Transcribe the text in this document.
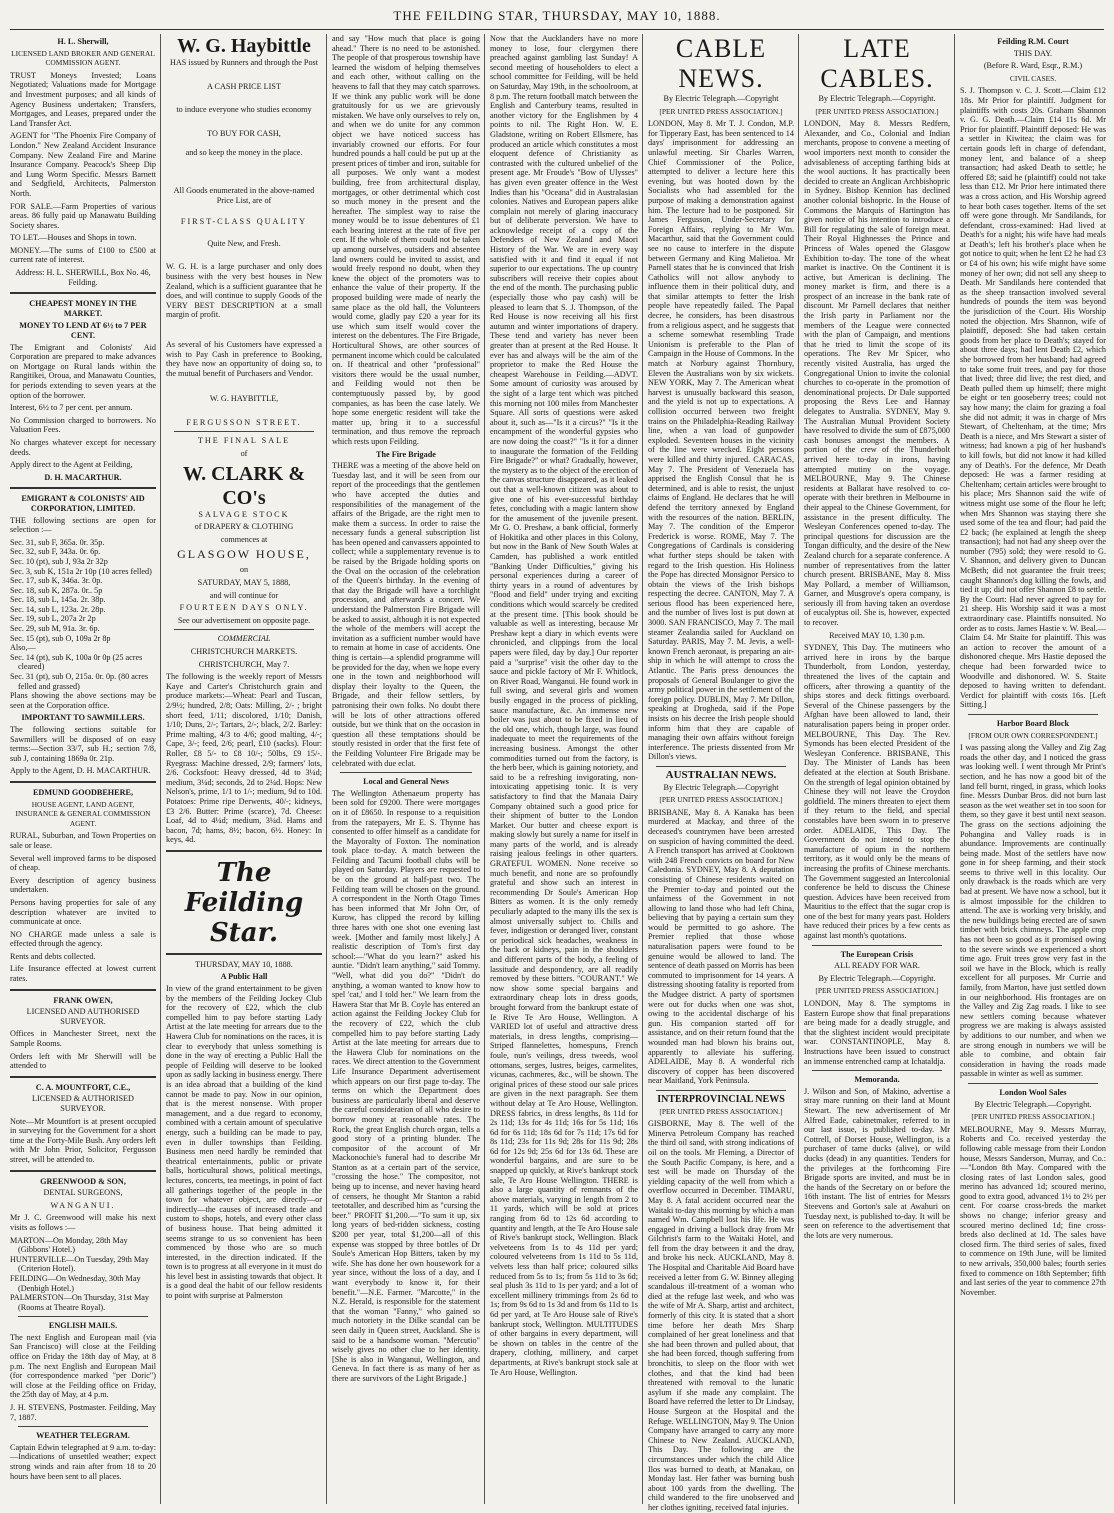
THE FEILDING STAR, THURSDAY, MAY 10, 1888.
H. L. Sherwill,

LICENSED LAND BROKER AND GENERAL COMMISSION AGENT.

TRUST Moneys Invested; Loans Negotiated; Valuations made for Mortgage and Investment purposes; and all kinds of Agency Business undertaken; Transfers, Mortgages, and Leases, prepared under the Land Transfer Act.

AGENT for "The Phoenix Fire Company of London." New Zealand Accident Insurance Company. New Zealand Fire and Marine Insurance Company. Peacock's Sheep Dip and Lung Worm Specific. Messrs Barnett and Sedgfield, Architects, Palmerston North.

FOR SALE.—Farm Properties of various areas. 86 fully paid up Manawatu Building Society shares.

TO LET.—Houses and Shops in town.

MONEY.—The sums of £100 to £500 at current rate of interest.

Address: H. L. SHERWILL, Box No. 46, Feilding.

CHEAPEST MONEY IN THE MARKET.
MONEY TO LEND AT 6½ to 7 PER CENT.

The Emigrant and Colonists' Aid Corporation are prepared to make advances on Mortgage on Rural lands within the Rangitikei, Oroua, and Manawatu Counties, for periods extending to seven years at the option of the borrower.

Interest, 6½ to 7 per cent. per annum.

No Commission charged to borrowers. No Valuation Fees.

No charges whatever except for necessary deeds.

Apply direct to the Agent at Feilding,

D. H. MACARTHUR.

EMIGRANT & COLONISTS' AID CORPORATION, LIMITED.

THE following sections are open for selection :—

Sec. 31, sub F, 365a. 0r. 35p.
Sec. 32, sub F, 343a. 0r. 6p.
Sec. 10 (pt), sub J, 93a 2r 32p
Sec. 3, sub K, 151a 2r 10p (10 acres felled)
Sec. 17, sub K, 346a. 3r. 0p.
Sec. 18, sub K, 287a. 0r.. 5p
Sec. 18, sub L, 145a. 2r. 38p.
Sec. 14, sub L, 123a. 2r. 28p.
Sec. 19, sub L, 207a 2r 2p
Sec. 29, sub M, 91a. 3r. 6p.
Sec. 15 (pt), sub O, 109a 2r 8p
Also,—
Sec. 14 (pt), sub K, 100a 0r 0p (25 acres cleared)
Sec. 31 (pt), sub O, 215a. 0r. 0p. (80 acres felled and grassed)

Plans showing the above sections may be seen at the Corporation office.

IMPORTANT TO SAWMILLERS.

The following sections suitable for Sawmillers will be disposed of on easy terms:—Section 33/7, sub H.; section 7/8, sub J, containing 1869a 0r. 21p.

Apply to the Agent, D. H. MACARTHUR.

EDMUND GOODBEHERE,

HOUSE AGENT, LAND AGENT, INSURANCE & GENERAL COMMISSION AGENT.

RURAL, Suburban, and Town Properties on sale or lease.

Several well improved farms to be disposed of cheap.

Every description of agency business undertaken.

Persons having properties for sale of any description whatever are invited to communicate at once.

NO CHARGE made unless a sale is effected through the agency.

Rents and debts collected.

Life Insurance effected at lowest current rates.

FRANK OWEN,

LICENSED AND AUTHORISED SURVEYOR.

Offices in Manchester Street, next the Sample Rooms.

Orders left with Mr Sherwill will be attended to

C. A. MOUNTFORT, C.E.,

LICENSED & AUTHORISED SURVEYOR.

Note—Mr Mountfort is at present occupied in surveying for the Government for a short time at the Forty-Mile Bush. Any orders left with Mr John Prior, Solicitor, Fergusson street, will be attended to.

GREENWOOD & SON,

DENTAL SURGEONS,

WANGANUI.

Mr J. C. Greenwood will make his next visits as follows :—

MARTON—On Monday, 28th May (Gibbons' Hotel.)
HUNTERVILLE—On Tuesday, 29th May (Criterion Hotel).
FEILDING—On Wednesday, 30th May (Denbigh Hotel.)
PALMERSTON—On Thursday, 31st May (Rooms at Theatre Royal).
ENGLISH MAILS.

The next English and European mail (via San Francisco) will close at the Feilding office on Friday the 18th day of May, at 8 p.m. The next English and European Mail (for correspondence marked "per Doric") will close at the Feilding office on Friday, the 25th day of May, at 4 p.m.

J. H. STEVENS, Postmaster. Feilding, May 7, 1887.

WEATHER TELEGRAM.

Captain Edwin telegraphed at 9 a.m. to-day:—Indications of unsettled weather; expect strong winds and rain after from 18 to 20 hours have been sent to all places.

W. G. Haybittle

HAS issued by Runners and through the Post

A CASH PRICE LIST

to induce everyone who studies economy

TO BUY FOR CASH,

and so keep the money in the place.

All Goods enumerated in the above-named Price List, are of

FIRST-CLASS QUALITY

Quite New, and Fresh.

W. G. H. is a large purchaser and only does business with the very best houses in New Zealand, which is a sufficient guarantee that he does, and will continue to supply Goods of the VERY BEST DESCRIPTION at a small margin of profit.

As several of his Customers have expressed a wish to Pay Cash in preference to Booking, they have now an opportunity of doing so, to the mutual benefit of Purchasers and Vendor.

W. G. HAYBITTLE,

FERGUSSON STREET.

THE FINAL SALE

of

W. CLARK & CO's

SALVAGE STOCK

of DRAPERY & CLOTHING

commences at

GLASGOW HOUSE,

on

SATURDAY, MAY 5, 1888,

and will continue for

FOURTEEN DAYS ONLY.

See our advertisement on opposite page.

COMMERCIAL

CHRISTCHURCH MARKETS.

CHRISTCHURCH, May 7.

The following is the weekly report of Messrs Kaye and Carter's Christchurch grain and produce markets:—Wheat: Pearl and Tuscan, 2/9½; hundred, 2/8; Oats: Milling, 2/- ; bright short feed, 1/11; discolored, 1/10; Danish, 1/10; Duns, 2/-; Tartars, 2/-; black, 2/2. Barley: Prime malting, 4/3 to 4/6; good malting, 4/-; Cape, 3/-; feed, 2/6; pearl, £10 (sacks). Flour: Roller, £8 5/- to £8 10/-; 50lbs, £9 15/-. Ryegrass: Machine dressed, 2/9; farmers' lots, 2/6. Cocksfoot: Heavy dressed, 4d to 3¼d; medium, 3¼d; seconds, 2d to 2¼d. Hops: New Nelson's, prime, 1/1 to 1/-; medium, 9d to 10d. Potatoes: Prime ripe Derwents, 40/-; kidneys, £3 2/6. Butter: Prime (scarce), 7d. Cheese: Loaf, 4d to 4¼d; medium, 3¼d. Hams and bacon, 7d; hams, 8½; bacon, 6½. Honey: In keys, 4d.

The Feilding Star.

THURSDAY, MAY 10, 1888.

A Public Hall

In view of the grand entertainment to be given by the members of the Feilding Jockey Club for the recovery of £22, which the club compelled him to pay before starting Lady Artist at the late meeting for arrears due to the Hawera Club for nominations on the races, it is clear to everybody that unless something is done in the way of erecting a Public Hall the people of Feilding will deserve to be looked upon as sadly lacking in business energy. There is an idea abroad that a building of the kind cannot be made to pay. Now in our opinion, that is the merest nonsense. With proper management, and a due regard to economy, combined with a certain amount of speculative energy, such a building can be made to pay, even in duller townships than Feilding. Business men need hardly be reminded that theatrical entertainments, public or private balls, horticultural shows, political meetings, lectures, concerts, tea meetings, in point of fact all gatherings together of the people in the town for whatever object, are directly—or indirectly—the causes of increased trade and custom to shops, hotels, and every other class of business house. That being admitted it seems strange to us so convenient has been commenced by those who are so much interested, in the direction indicated. If the town is to progress at all everyone in it must do his level best in assisting towards that object. It is a good deal the habit of our fellow residents to point with surprise at Palmerston

and say "How much that place is going ahead." There is no need to be astonished. The people of that prosperous township have learned the wisdom of helping themselves and each other, without calling on the heavens to fall that they may catch sparrows. If we think any public work will be done gratuitously for us we are grievously mistaken. We have only ourselves to rely on, and when we do unite for any common object we have noticed success has invariably crowned our efforts. For four hundred pounds a hall could be put up at the present prices of timber and iron, suitable for all purposes. We only want a modest building, free from architectural display, mortgages, or other detrimental which cost so much money in the present and the hereafter. The simplest way to raise the money would be to issue debentures of £1 each bearing interest at the rate of five per cent. If the whole of them could not be taken up among ourselves, outsiders and absentee land owners could be invited to assist, and would freely respond no doubt, when they knew the object of the promoters was to enhance the value of their property. If the proposed building were made of nearly the same place as the old hall, the Volunteers would come, gladly pay £20 a year for its use which sum itself would cover the interest on the debentures. The Fire Brigade, Horticultural Shows, are other sources of permanent income which could be calculated on. If theatrical and other "professional" visitors there would be the usual number, and Feilding would not then be contemptuously passed by, by good companies, as has been the case lately. We hope some energetic resident will take the matter up, bring it to a successful termination, and thus remove the reproach which rests upon Feilding.

The Fire Brigade

THERE was a meeting of the above held on Tuesday last, and it will be seen from our report of the proceedings that the gentlemen who have accepted the duties and responsibilities of the management of the affairs of the Brigade, are the right men to make them a success. In order to raise the necessary funds a general subscription list has been opened and canvassers appointed to collect; while a supplementary revenue is to be raised by the Brigade holding sports on the Oval on the occasion of the celebration of the Queen's birthday. In the evening of that day the Brigade will have a torchlight procession, and afterwards a concert. We understand the Palmerston Fire Brigade will be asked to assist, although it is not expected the whole of the members will accept the invitation as a sufficient number would have to remain at home in case of accidents. One thing is certain—a splendid programme will be provided for the day, when we hope every one in the town and neighborhood will display their loyalty to the Queen, the Brigade, and their fellow settlers, by patronising their own folks. No doubt there will be lots of other attractions offered outside, but we think that on the occasion in question all these temptations should be stoutly resisted in order that the first fete of the Feilding Volunteer Fire Brigade may be celebrated with due eclat.

Local and General News

The Wellington Athenaeum property has been sold for £9200. There were mortgages on it of £8650. In response to a requisition from the ratepayers, Mr E. S. Thynne has consented to offer himself as a candidate for the Mayoralty of Foxton. The nomination took place to-day. A match between the Feilding and Tacumi football clubs will be played on Saturday. Players are requested to be on the ground at half-past two. The Feilding team will be chosen on the ground. A correspondent in the North Otago Times has been informed that Mr John Orr, of Kurow, has clipped the record by killing three hares with one shot one evening last week. [Mother and family most likely.] A realistic description of Tom's first day school:—"What do you learn?" asked his auntie. "Didn't learn anything," said Tommy. "Well, what did you do?" "Didn't do anything, a woman wanted to know how to spel 'cat,' and I told her." We learn from the Hawera Star that Mr B. Coyle has entered an action against the Feilding Jockey Club for the recovery of £22, which the club compelled him to pay before starting Lady Artist at the late meeting for arrears due to the Hawera Club for nominations on the races. We direct attention to the Government Life Insurance Department advertisement which appears on our first page to-day. The terms on which the Department does business are particularly liberal and deserve the careful consideration of all who desire to borrow money at reasonable rates. The Rock, the great English church organ, tells a good story of a printing blunder. The compositor of the account of Mr Mackonochie's funeral had to describe Mr Stanton as at a certain part of the service, "crossing the hose." The compositor, not being up to incense, and never having heard of censers, he thought Mr Stanton a rabid teetotaller, and described him as "cursing the beer." PROFIT $1,200.—"To sum it up, six long years of bed-ridden sickness, costing $200 per year, total $1,200—all of this expense was stopped by three bottles of Dr Soule's American Hop Bitters, taken by my wife. She has done her own housework for a year since, without the loss of a day, and I want everybody to know it, for their benefit."—N.E. Farmer. "Marcotte," in the N.Z. Herald, is responsible for the statement that the woman "Fanny," who gained so much notoriety in the Dilke scandal can be seen daily in Queen street, Auckland. She is said to be a handsome woman. "Mercutio" wisely gives no other clue to her identity. [She is also in Wanganui, Wellington, and Geneva. In fact there is as many of her as there are survivors of the Light Brigade.]

Now that the Aucklanders have no more money to lose, four clergymen there preached against gambling last Sunday! A second meeting of householders to elect a school committee for Feilding, will be held on Saturday, May 19th, in the schoolroom, at 8 p.m. The return football match between the English and Canterbury teams, resulted in another victory for the Englishmen by 4 points to nil. The Right Hon. W. E. Gladstone, writing on Robert Ellsmere, has produced an article which constitutes a most eloquent defence of Christianity as contrasted with the cultured unbelief of the present age. Mr Froude's "Bow of Ulysses" has given even greater offence in the West Indies than his "Oceana" did in Australasian colonies. Natives and European papers alike complain not merely of glaring inaccuracy but of deliberate perversion. We have to acknowledge receipt of a copy of the Defenders of New Zealand and Maori History of the War. We are in every way satisfied with it and find it equal if not superior to our expectations. The up country subscribers will receive their copies about the end of the month. The purchasing public (especially those who pay cash) will be pleased to learn that S. J. Thompson, of the Red House is now receiving all his first autumn and winter importations of drapery. These tend and variety has never been greater than at present at the Red House. It ever has and always will be the aim of the proprietor to make the Red House the cheapest Warehouse in Feilding.—ADVT. Some amount of curiosity was aroused by the sight of a large tent which was pitched this morning not 100 miles from Manchester Square. All sorts of questions were asked about it, such as—"Is it a circus?" "Is it the encampment of the wonderful gypsies who are now doing the coast?" "Is it for a dinner to inaugurate the formation of the Feilding Fire Brigade?" or what? Gradually, however, the mystery as to the object of the erection of the canvas structure disappeared, as it leaked out that a well-known citizen was about to give one of his ever-successful birthday fetes, concluding with a magic lantern show for the amusement of the juvenile present. Mr G. O. Preshaw, a bank official, formerly of Hokitika and other places in this Colony, but now in the Bank of New South Wales at Camden, has published a work entitled "Banking Under Difficulties," giving his personal experiences during a career of thirty years in a round of adventures by "flood and field" under trying and exciting conditions which would scarcely be credited at the present time. [This book should be valuable as well as interesting, because Mr Preshaw kept a diary in which events were chronicled, and clippings from the local papers were filed, day by day.] Our reporter paid a "surprise" visit the other day to the sauce and pickle factory of Mr F. Whitlock, on River Road, Wanganui. He found work in full swing, and several girls and women busily engaged in the process of pickling, sauce manufacture, &c. An immense new boiler was just about to be fixed in lieu of the old one, which, though large, was found inadequate to meet the requirements of the increasing business. Amongst the other commodities turned out from the factory, is the herb beer, which is gaining notoriety, and said to be a refreshing invigorating, non-intoxicating appetising tonic. It is very satisfactory to find that the Manaia Dairy Company obtained such a good price for their shipment of butter to the London Market. Our butter and cheese export is making slowly but surely a name for itself in many parts of the world, and is already raising jealous feelings in other quarters. GRATEFUL WOMEN. None receive so much benefit, and none are so profoundly grateful and show such an interest in recommending Dr Soule's American Hop Bitters as women. It is the only remedy peculiarly adapted to the many ills the sex is almost universally subject to. Chills and fever, indigestion or deranged liver, constant or periodical sick headaches, weakness in the back or kidneys, pain in the shoulders and different parts of the body, a feeling of lassitude and despondency, are all readily removed by these bitters. "COURANT." We now show some special bargains and extraordinary cheap lots in dress goods, brought forward from the bankrupt estate of Ie Rive Te Aro House, Wellington. A VARIED lot of useful and attractive dress materials, in dress lengths, comprising—Striped flannelettes, homespuns, French foule, nun's veilings, dress tweeds, wool ottomans, serges, lustres, beiges, carmelites, vicunas, cachmeres, &c., will be shown. The original prices of these stood our sale prices are given in the next paragraph. See them without delay at Te Aro House, Wellington. DRESS fabrics, in dress lengths, 8s 11d for 2s 11d; 13s for 4s 11d; 16s for 5s 11d; 16s 6d for 6s 11d; 18s 6d for 7s 11d; 17s 6d for 8s 11d; 23s for 11s 9d; 28s for 11s 9d; 28s 6d for 12s 9d; 25s 6d for 13s 6d. These are wonderful bargains, and are sure to be snapped up quickly, at Rive's bankrupt stock sale, Te Aro House Wellington. THERE is also a large quantity of remnants of the above materials, varying in length from 2 to 11 yards, which will be sold at prices ranging from 6d to 12s 6d according to quantity and length, at the Te Aro House sale of Rive's bankrupt stock, Wellington. Black velveteens from 1s to 4s 11d per yard; coloured velveteens from 1s 11d to 5s 11d, velvets less than half price; coloured silks reduced from 5s to 1s; from 5s 11d to 3s 6d; seal plush 3s 11d to 1s per yard; and a lot of excellent millinery trimmings from 2s 6d to 1s; from 9s 6d to 1s 3d and from 6s 11d to 1s 6d per yard, at Te Aro House sale of Rive's bankrupt stock, Wellington. MULTITUDES of other bargains in every department, will be shown on tables in the centre of the drapery, clothing, millinery, and carpet departments, at Rive's bankrupt stock sale at Te Aro House, Wellington.

CABLE NEWS.

By Electric Telegraph.—Copyright

[PER UNITED PRESS ASSOCIATION.]

LONDON, May 8. Mr T. J. Condon, M.P. for Tipperary East, has been sentenced to 14 days' imprisonment for addressing an unlawful meeting. Sir Charles Warren, Chief Commissioner of the Police, attempted to deliver a lecture here this evening, but was hooted down by the Socialists who had assembled for the purpose of making a demonstration against him. The lecture had to be postponed. Sir James Fergusson, Under-Secretary for Foreign Affairs, replying to Mr Wm. Macarthur, said that the Government could see no cause to interfere in the dispute between Germany and King Malietoa. Mr Parnell states that he is convinced that Irish Catholics will not allow anybody to influence them in their political duty, and that similar attempts to fetter the Irish people have repeatedly failed. The Papal decree, he considers, has been disastrous from a religious aspect, and he suggests that a scheme somewhat resembling Trade Unionism is preferable to the Plan of Campaign in the House of Commons. In the match at Norbury against Thornbury, Eleven the Australians won by six wickets. NEW YORK, May 7. The American wheat harvest is unusually backward this season, and the yield is not up to expectations. A collision occurred between two freight trains on the Philadelphia-Reading Railway line, when a van load of gunpowder exploded. Seventeen houses in the vicinity of the line were wrecked. Eight persons were killed and thirty injured. CARACAS, May 7. The President of Venezuela has apprised the English Consul that he is determined, and is able to resist, the unjust claims of England. He declares that he will defend the territory annexed by England with the resources of the nation. BERLIN, May 7. The condition of the Emperor Frederick is worse. ROME, May 7. The Congregations of Cardinals is considering what further steps should be taken with regard to the Irish question. His Holiness the Pope has directed Monsignor Persico to obtain the views of the Irish bishops respecting the decree. CANTON, May 7. A serious flood has been experienced here, and the number of lives lost is put down at 3000. SAN FRANCISCO, May 7. The mail steamer Zealandia sailed for Auckland on Saturday. PARIS, May 7. M. Jevis, a well-known French aeronaut, is preparing an air-ship in which he will attempt to cross the Atlantic. The Paris press denounces the proposals of General Boulanger to give the army political power in the settlement of the foreign policy. DUBLIN, May 7. Mr Dillon, speaking at Drogheda, said if the Pope insists on his decree the Irish people should inform him that they are capable of managing their own affairs without foreign interference. The priests dissented from Mr Dillon's views.

AUSTRALIAN NEWS.

By Electric Telegraph.—Copyright

[PER UNITED PRESS ASSOCIATION.]

BRISBANE, May 8. A Kanaka has been murdered at Mackay, and three of the deceased's countrymen have been arrested on suspicion of having committed the deed. A French transport has arrived at Cooktown with 248 French convicts on board for New Caledonia. SYDNEY, May 8. A deputation consisting of Chinese residents waited on the Premier to-day and pointed out the unfairness of the Government in not allowing to land those who had left China, believing that by paying a certain sum they would be permitted to go ashore. The Premier replied that those whose naturalisation papers were found to be genuine would be allowed to land. The sentence of death passed on Morris has been commuted to imprisonment for 14 years. A distressing shooting fatality is reported from the Mudgee district. A party of sportsmen were out for ducks when one was shot, owing to the accidental discharge of his gun. His companion started off for assistance, and on their return found that the wounded man had blown his brains out, apparently to alleviate his suffering. ADELAIDE, May 8. A wonderful rich discovery of copper has been discovered near Maitland, York Peninsula.

INTERPROVINCIAL NEWS

[PER UNITED PRESS ASSOCIATION.]

GISBORNE, May 8. The well of the Minerva Petroleum Company has reached the third oil sand, with strong indications of oil on the tools. Mr Fleming, a Director of the South Pacific Company, is here, and a test will be made on Thursday of the yielding capacity of the well from which a overflow occurred in December. TIMARU, May 8. A fatal accident occurred near the Waitaki to-day this morning by which a man named Wm. Campbell lost his life. He was engaged in driving a bullock dray from Mr Gilchrist's farm to the Waitaki Hotel, and fell from the dray between it and the dray, and broke his neck. AUCKLAND, May 8. The Hospital and Charitable Aid Board have received a letter from G. W. Binney alleging scandalous ill-treatment of a woman who died at the refuge last week, and who was the wife of Mr A. Sharp, artist and architect, formerly of this city. It is stated that a short time before her death Mrs Sharp complained of her great loneliness and that she had been thrown and pulled about, that she had been forced, though suffering from bronchitis, to sleep on the floor with wet clothes, and that the kind had been threatened with removal to the lunatic asylum if she made any complaint. The Board have referred the letter to Dr Lindsay, House Surgeon at the Hospital and the Refuge. WELLINGTON, May 9. The Union Company have arranged to carry any more Chinese to New Zealand. AUCKLAND, This Day. The following are the circumstances under which the child Alice Ilos was burned to death, at Manakau, on Monday last. Her father was burning bush about 100 yards from the dwelling. The child wandered to the fire unobserved and her clothes igniting, received fatal injuries.

LATE CABLES.

By Electric Telegraph.—Copyright.

[PER UNITED PRESS ASSOCIATION.]

LONDON, May 8. Messrs Redfern, Alexander, and Co., Colonial and Indian merchants, propose to convene a meeting of wool importers next month to consider the advisableness of accepting farthing bids at the wool auctions. It has practically been decided to create an Anglican Archbishopric in Sydney. Bishop Kennion has declined another colonial bishopric. In the House of Commons the Marquis of Hartington has given notice of his intention to introduce a Bill for regulating the sale of foreign meat. Their Royal Highnesses the Prince and Princess of Wales opened the Glasgow Exhibition to-day. The tone of the wheat market is inactive. On the Continent it is active, but American is declining. The money market is firm, and there is a prospect of an increase in the bank rate of discount. Mr Parnell declares that neither the Irish party in Parliament nor the members of the League were connected with the plan of Campaign, and mentions that he tried to limit the scope of its operations. The Rev Mr Spicer, who recently visited Australia, has urged the Congregational Union to invite the colonial churches to co-operate in the promotion of denominational projects. Dr Dale supported proposing the Revs Lee and Hannay delegates to Australia. SYDNEY, May 9. The Australian Mutual Provident Society have resolved to divide the sum of £875,000 cash bonuses amongst the members. A portion of the crew of the Thunderbolt arrived here to-day in irons, having attempted mutiny on the voyage. MELBOURNE, May 9. The Chinese residents at Ballarat have resolved to co-operate with their brethren in Melbourne in their appeal to the Chinese Government, for assistance in the present difficulty. The Wesleyan Conferences opened to-day. The principal questions for discussion are the Tongan difficulty, and the desire of the New Zealand church for a separate conference. A number of representatives from the latter church present. BRISBANE, May 8. Miss May Pollard, a member of Williamson, Garner, and Musgrove's opera company, is seriously ill from having taken an overdose of eucalyptus oil. She is, however, expected to recover.

Received MAY 10, 1.30 p.m.

SYDNEY, This Day. The mutineers who arrived here in irons by the barque Thunderbolt, from London, yesterday, threatened the lives of the captain and officers, after throwing a quantity of the ships stores and deck fittings overboard. Several of the Chinese passengers by the Afghan have been allowed to land, their naturalisation papers being in proper order. MELBOURNE, This Day. The Rev. Symonds has been elected President of the Wesleyan Conference. BRISBANE, This Day. The Minister of Lands has been defeated at the election at South Brisbane. On the strength of legal opinion obtained by Chinese they will not leave the Croydon goldfield. The miners threaten to eject them if they return to the field, and special constables have been sworn in to preserve order. ADELAIDE, This Day. The Government do not intend to stop the manufacture of opium in the northern territory, as it would only be the means of increasing the profits of Chinese merchants. The Government suggested an Intercolonial conference be held to discuss the Chinese question. Advices have been received from Mauritius to the effect that the sugar crop is one of the best for many years past. Holders have reduced their prices by a few cents as against last month's quotations.

The European Crisis

ALL READY FOR WAR.

By Electric Telegraph.—Copyright.

[PER UNITED PRESS ASSOCIATION.]

LONDON, May 8. The symptoms in Eastern Europe show that final preparations are being made for a deadly struggle, and that the slightest incident would precipitate war. CONSTANTINOPLE, May 8. Instructions have been issued to construct an immense entrenched camp at Ichataldja.

Memoranda.

J. Wilson and Son, of Makino, advertise a stray mare running on their land at Mount Stewart. The new advertisement of Mr Alfred Eade, cabinetmaker, referred to in our last issue, is published to-day. Mr Cottrell, of Dorset House, Wellington, is a purchaser of tame ducks (alive), or wild ducks (dead) in any quantities. Tenders for the privileges at the forthcoming Fire Brigade sports are invited, and must be in the hands of the Secretary on or before the 16th instant. The list of entries for Messrs Steevens and Gorton's sale at Awahuri on Tuesday next, is published to-day. It will be seen on reference to the advertisement that the lots are very numerous.

Feilding R.M. Court

THIS DAY.

(Before R. Ward, Esqr., R.M.)

CIVIL CASES.

S. J. Thompson v. C. J. Scott.—Claim £12 18s. Mr Prior for plaintiff. Judgment for plaintiffs with costs 20s. Graham Shannon v. G. G. Death.—Claim £14 11s 6d. Mr Prior for plaintiff. Plaintiff deposed: He was a settler in Kiwitea; the claim was for certain goods left in charge of defendant, money lent, and balance of a sheep transaction; had asked Death to settle; he offered £8; said he (plaintiff) could not take less than £12. Mr Prior here intimated there was a cross action, and His Worship agreed to hear both cases together. Items of the set off were gone through. Mr Sandilands, for defendant, cross-examined: Had lived at Death's for a night; his wife have had meals at Death's; left his brother's place when he got notice to quit; when he lent £2 he had £3 or £4 of his own; his wife might have some money of her own; did not sell any sheep to Death. Mr Sandilands here contended that as the sheep transaction involved several hundreds of pounds the item was beyond the jurisdiction of the Court. His Worship noted the objection. Mrs Shannon, wife of plaintiff, deposed: She had taken certain goods from her place to Death's; stayed for about three days; had lent Death £2, which she borrowed from her husband; had agreed to take some fruit trees, and pay for those that lived; three did live; the rest died, and Death pulled them up himself; there might be eight or ten gooseberry trees; could not say how many; the claim for grazing a foal she did not admit; it was in charge of Mrs Stewart, of Cheltenham, at the time; Mrs Death is a niece, and Mrs Stewart a sister of witness; had known a pig of her husband's to kill fowls, but did not know it had killed any of Death's. For the defence, Mr Death deposed: He was a farmer residing at Cheltenham; certain articles were brought to his place; Mrs Shannon said the wife of witness might use some of the flour he left; when Mrs Shannon was staying there she used some of the tea and flour; had paid the £2 back; (he explained at length the sheep transaction); had not had any sheep over the number (795) sold; they were resold to G. V. Shannon, and delivery given to Duncan McBeth; did not guarantee the fruit trees; caught Shannon's dog killing the fowls, and tied it up; did not offer Shannon £8 to settle. By the Court: Had never agreed to pay for 21 sheep. His Worship said it was a most extraordinary case. Plaintiffs nonsuited. No order as to costs. James Hastie v. W. Beal.—Claim £4. Mr Staite for plaintiff. This was an action to recover the amount of a dishonored cheque. Mrs Hastie deposed the cheque had been forwarded twice to Woodville and dishonored. W. S. Staite deposed to having written to defendant. Verdict for plaintiff with costs 16s. [Left Sitting.]

Harbor Board Block

[FROM OUR OWN CORRESPONDENT.]

I was passing along the Valley and Zig Zag roads the other day, and I noticed the grass was looking well. I went through Mr Print's section, and he has now a good bit of the land fell burnt, ringed, in grass, which looks fine. Messrs Dunbar Bros. did not burn last season as the wet weather set in too soon for them, so they gave it best until next season. The grass on the sections adjoining the Pohangina and Valley roads is in abundance. Improvements are continually being made. Most of the settlers have now gone in for sheep farming, and their stock seems to thrive well in this locality. Our only drawback is the roads which are very bad at present. We have now a school, but it is almost impossible for the children to attend. The axe is working very briskly, and the new buildings being erected are of sawn timber with brick chimneys. The apple crop has not been so good as it promised owing to the severe winds we experienced a short time ago. Fruit trees grow very fast in the soil we have in the Block, which is really excellent for all purposes. Mr Currie and family, from Marton, have just settled down in our neighborhood. His frontages are on the Valley and Zig Zag roads. I like to see new settlers coming because whatever progress we are making is always assisted by additions to our number, and when we are strong enough in numbers we will be able to combine, and obtain fair consideration in having the roads made passable in winter as well as summer.

London Wool Sales

By Electric Telegraph.—Copyright.

[PER UNITED PRESS ASSOCIATION.]

MELBOURNE, May 9. Messrs Murray, Roberts and Co. received yesterday the following cable message from their London house, Messrs Sanderson, Murray, and Co.:—"London 8th May. Compared with the closing rates of last London sales, good merino has advanced 1d; scoured merino, good to extra good, advanced 1½ to 2½ per cent. For coarse cross-breds the market shows no change; inferior greasy and scoured merino declined 1d; fine cross-breds also declined at 1d. The sales have closed firm. The third series of sales, fixed to commence on 19th June, will be limited to new arrivals, 350,000 bales; fourth series fixed to commence on 18th September; fifth and last series of the year to commence 27th November.
